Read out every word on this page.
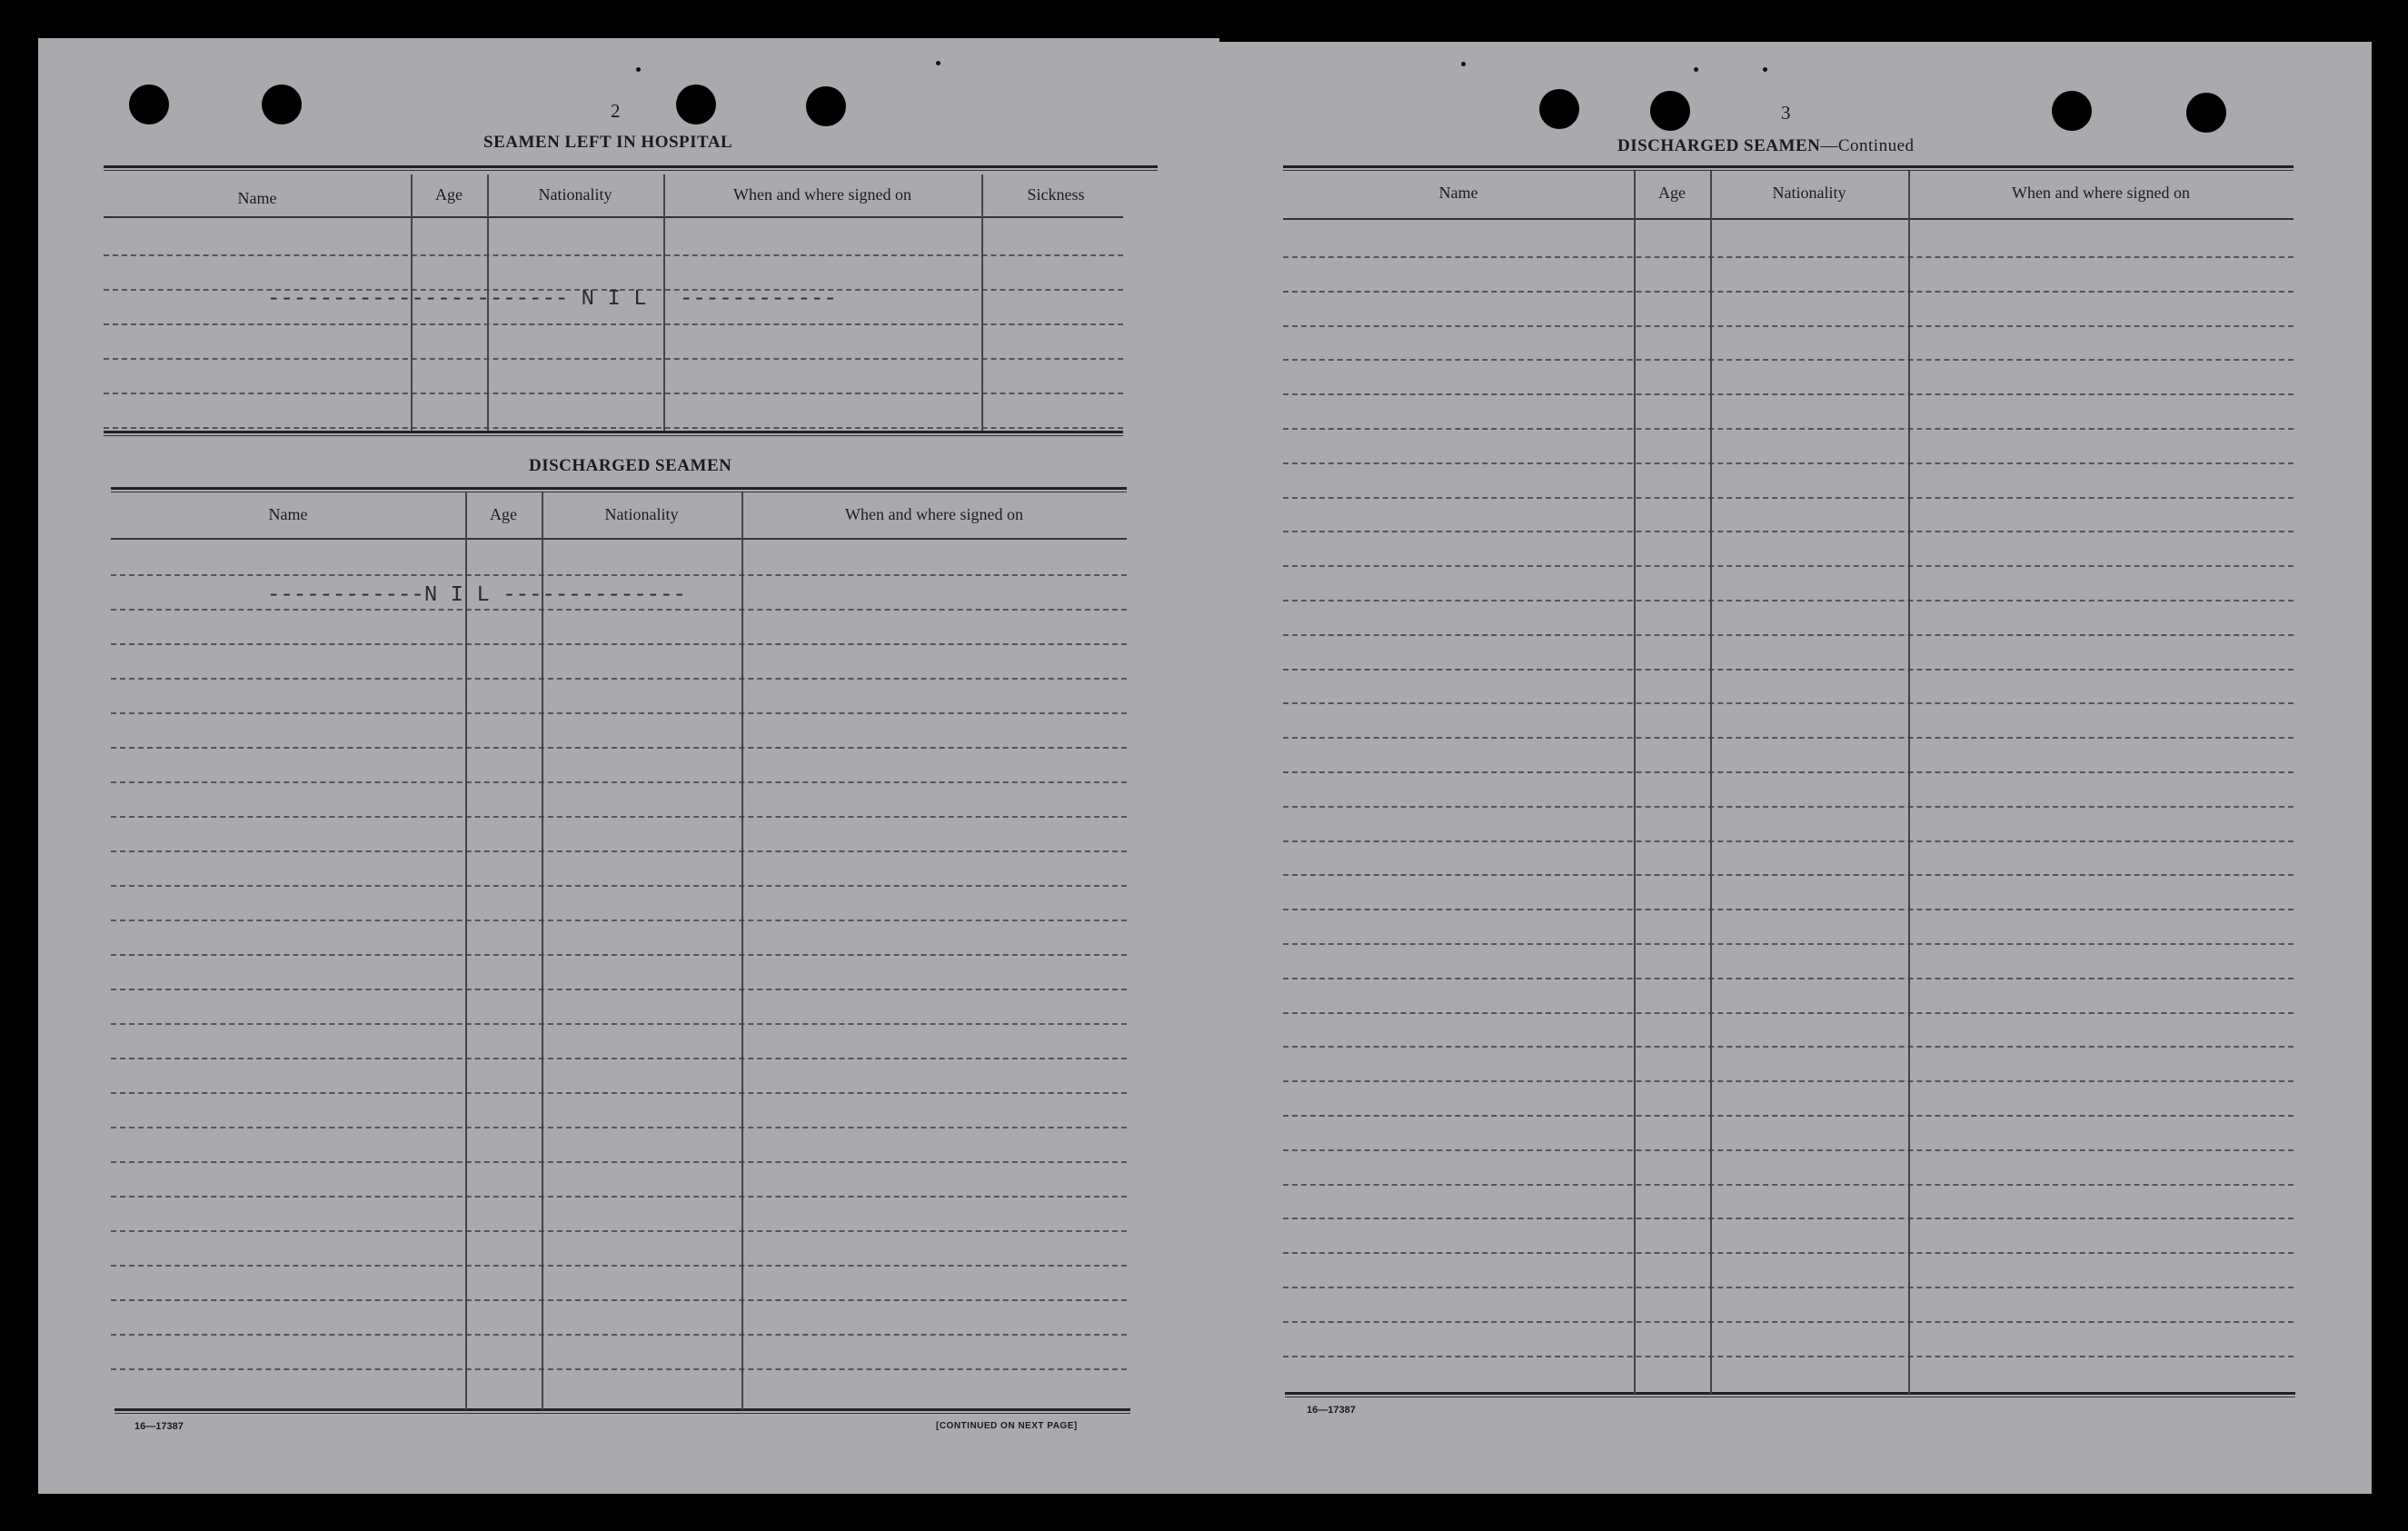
2
SEAMEN LEFT IN HOSPITAL
Name	Age	Nationality	When and where signed on	Sickness
----------------------- N I L ------------
DISCHARGED SEAMEN
Name	Age	Nationality	When and where signed on
------------N I L --------------
16—17387	[CONTINUED ON NEXT PAGE]
3
DISCHARGED SEAMEN—Continued
Name	Age	Nationality	When and where signed on
16—17387
